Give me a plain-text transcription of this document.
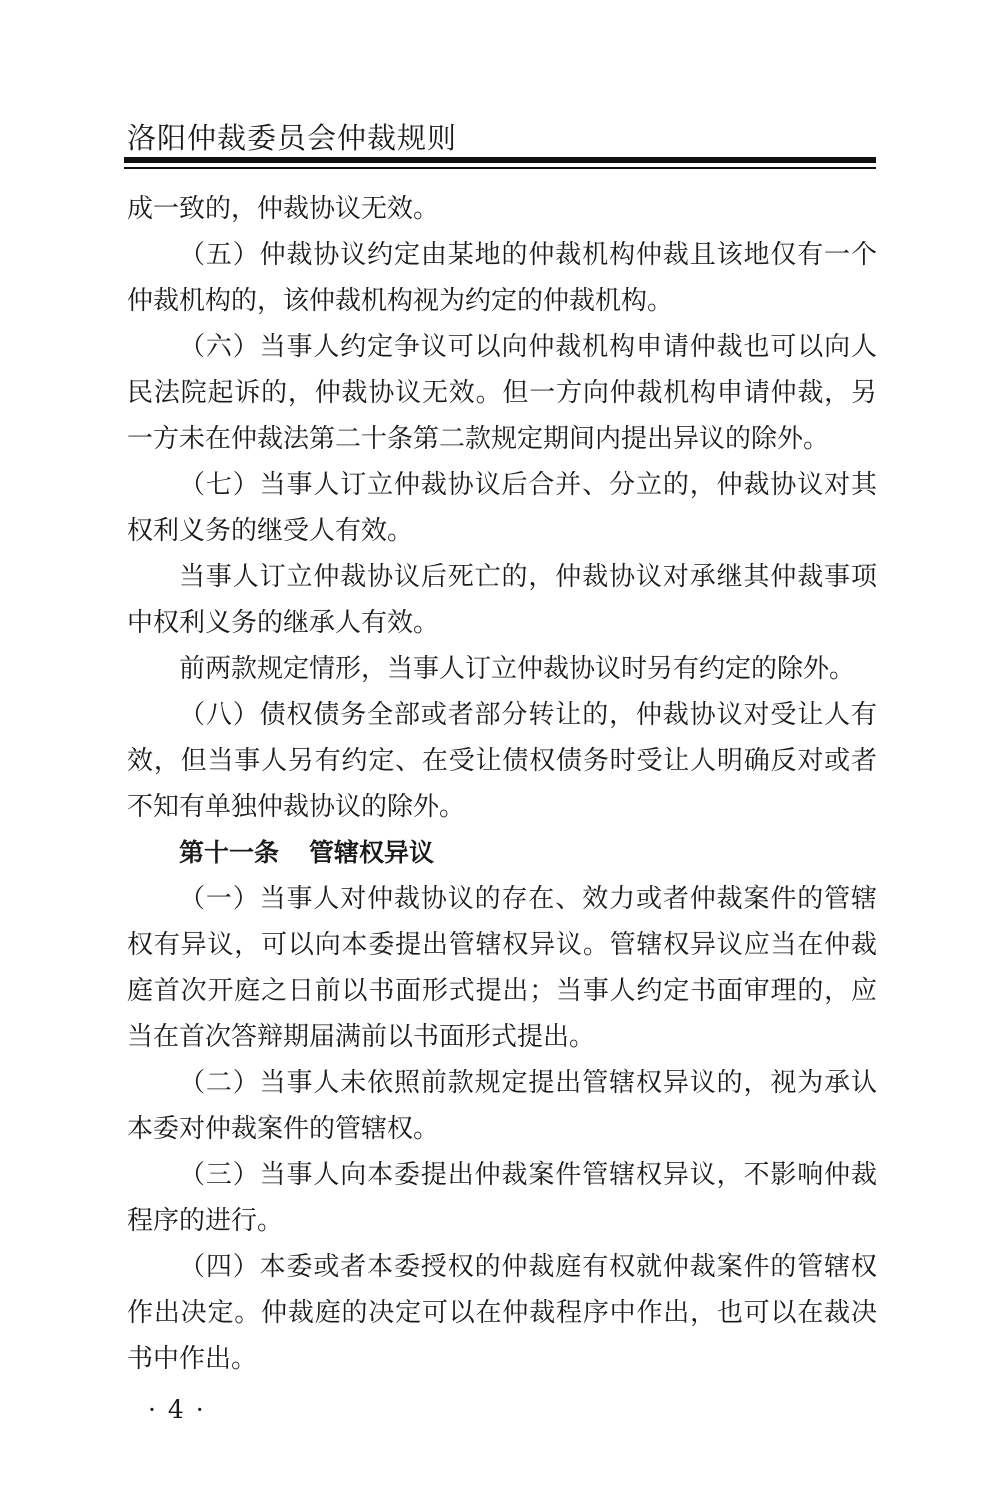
洛阳仲裁委员会仲裁规则

成一致的，仲裁协议无效。

（五）仲裁协议约定由某地的仲裁机构仲裁且该地仅有一个仲裁机构的，该仲裁机构视为约定的仲裁机构。

（六）当事人约定争议可以向仲裁机构申请仲裁也可以向人民法院起诉的，仲裁协议无效。但一方向仲裁机构申请仲裁，另一方未在仲裁法第二十条第二款规定期间内提出异议的除外。

（七）当事人订立仲裁协议后合并、分立的，仲裁协议对其权利义务的继受人有效。

当事人订立仲裁协议后死亡的，仲裁协议对承继其仲裁事项中权利义务的继承人有效。

前两款规定情形，当事人订立仲裁协议时另有约定的除外。

（八）债权债务全部或者部分转让的，仲裁协议对受让人有效，但当事人另有约定、在受让债权债务时受让人明确反对或者不知有单独仲裁协议的除外。

第十一条 管辖权异议

（一）当事人对仲裁协议的存在、效力或者仲裁案件的管辖权有异议，可以向本委提出管辖权异议。管辖权异议应当在仲裁庭首次开庭之日前以书面形式提出；当事人约定书面审理的，应当在首次答辩期届满前以书面形式提出。

（二）当事人未依照前款规定提出管辖权异议的，视为承认本委对仲裁案件的管辖权。

（三）当事人向本委提出仲裁案件管辖权异议，不影响仲裁程序的进行。

（四）本委或者本委授权的仲裁庭有权就仲裁案件的管辖权作出决定。仲裁庭的决定可以在仲裁程序中作出，也可以在裁决书中作出。

· 4 ·
